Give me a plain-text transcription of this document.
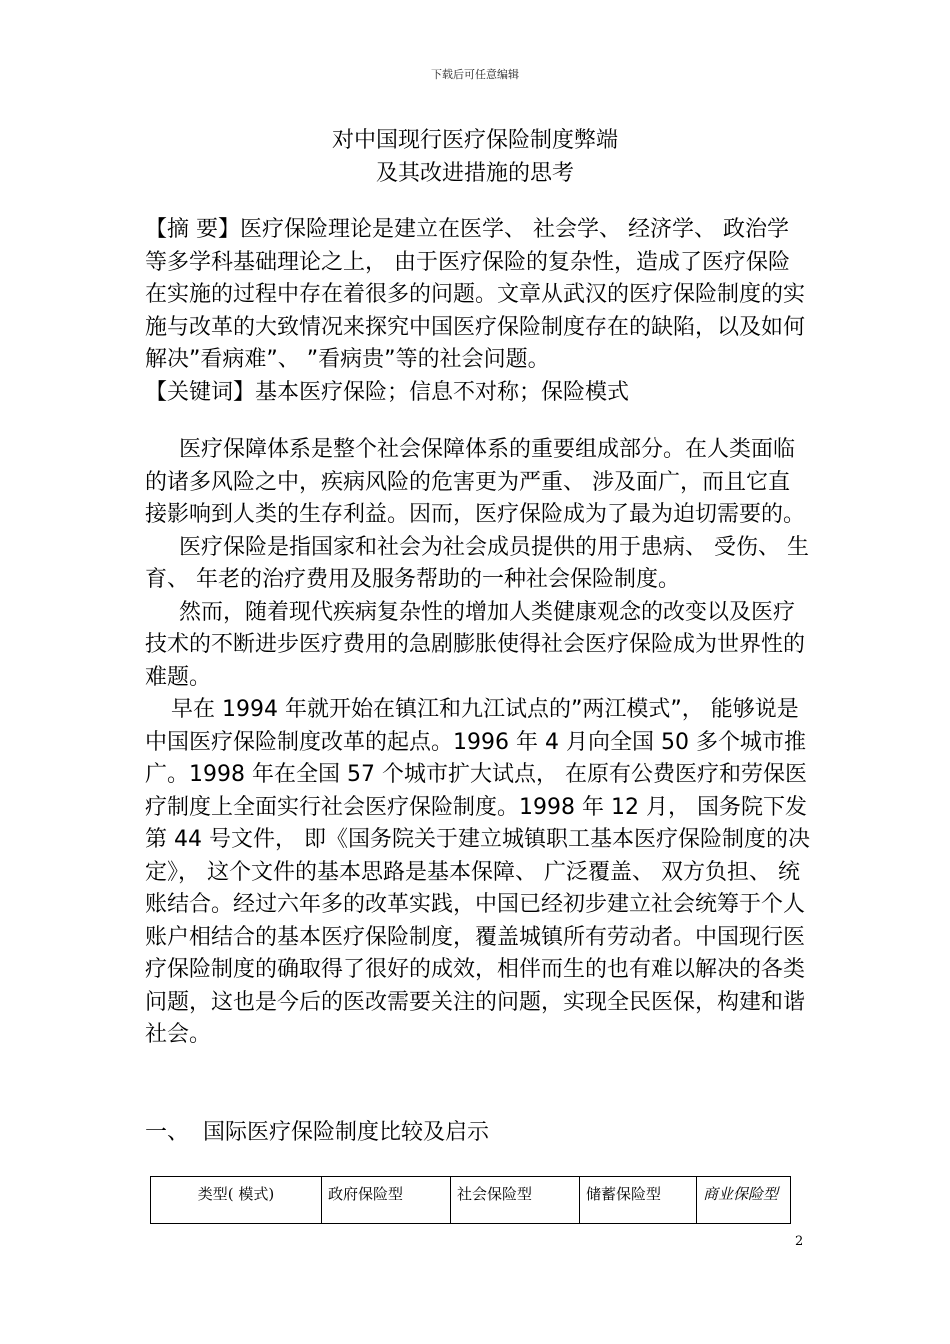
下载后可任意编辑
对中国现行医疗保险制度弊端
及其改进措施的思考

【摘 要】医疗保险理论是建立在医学、 社会学、 经济学、 政治学等多学科基础理论之上， 由于医疗保险的复杂性，造成了医疗保险在实施的过程中存在着很多的问题。文章从武汉的医疗保险制度的实施与改革的大致情况来探究中国医疗保险制度存在的缺陷，以及如何解决”看病难”、 ”看病贵”等的社会问题。

【关键词】基本医疗保险；信息不对称；保险模式

医疗保障体系是整个社会保障体系的重要组成部分。在人类面临的诸多风险之中，疾病风险的危害更为严重、 涉及面广，而且它直接影响到人类的生存利益。因而，医疗保险成为了最为迫切需要的。

医疗保险是指国家和社会为社会成员提供的用于患病、 受伤、 生育、 年老的治疗费用及服务帮助的一种社会保险制度。

然而，随着现代疾病复杂性的增加人类健康观念的改变以及医疗技术的不断进步医疗费用的急剧膨胀使得社会医疗保险成为世界性的难题。

早在 1994 年就开始在镇江和九江试点的”两江模式”， 能够说是中国医疗保险制度改革的起点。1996 年 4 月向全国 50 多个城市推广。1998 年在全国 57 个城市扩大试点， 在原有公费医疗和劳保医疗制度上全面实行社会医疗保险制度。1998 年 12 月， 国务院下发第 44 号文件， 即《国务院关于建立城镇职工基本医疗保险制度的决定》， 这个文件的基本思路是基本保障、 广泛覆盖、 双方负担、 统账结合。经过六年多的改革实践，中国已经初步建立社会统筹于个人账户相结合的基本医疗保险制度，覆盖城镇所有劳动者。中国现行医疗保险制度的确取得了很好的成效，相伴而生的也有难以解决的各类问题，这也是今后的医改需要关注的问题，实现全民医保，构建和谐社会。

一、 国际医疗保险制度比较及启示
类型( 模式)	政府保险型	社会保险型	储蓄保险型	商业保险型
2
